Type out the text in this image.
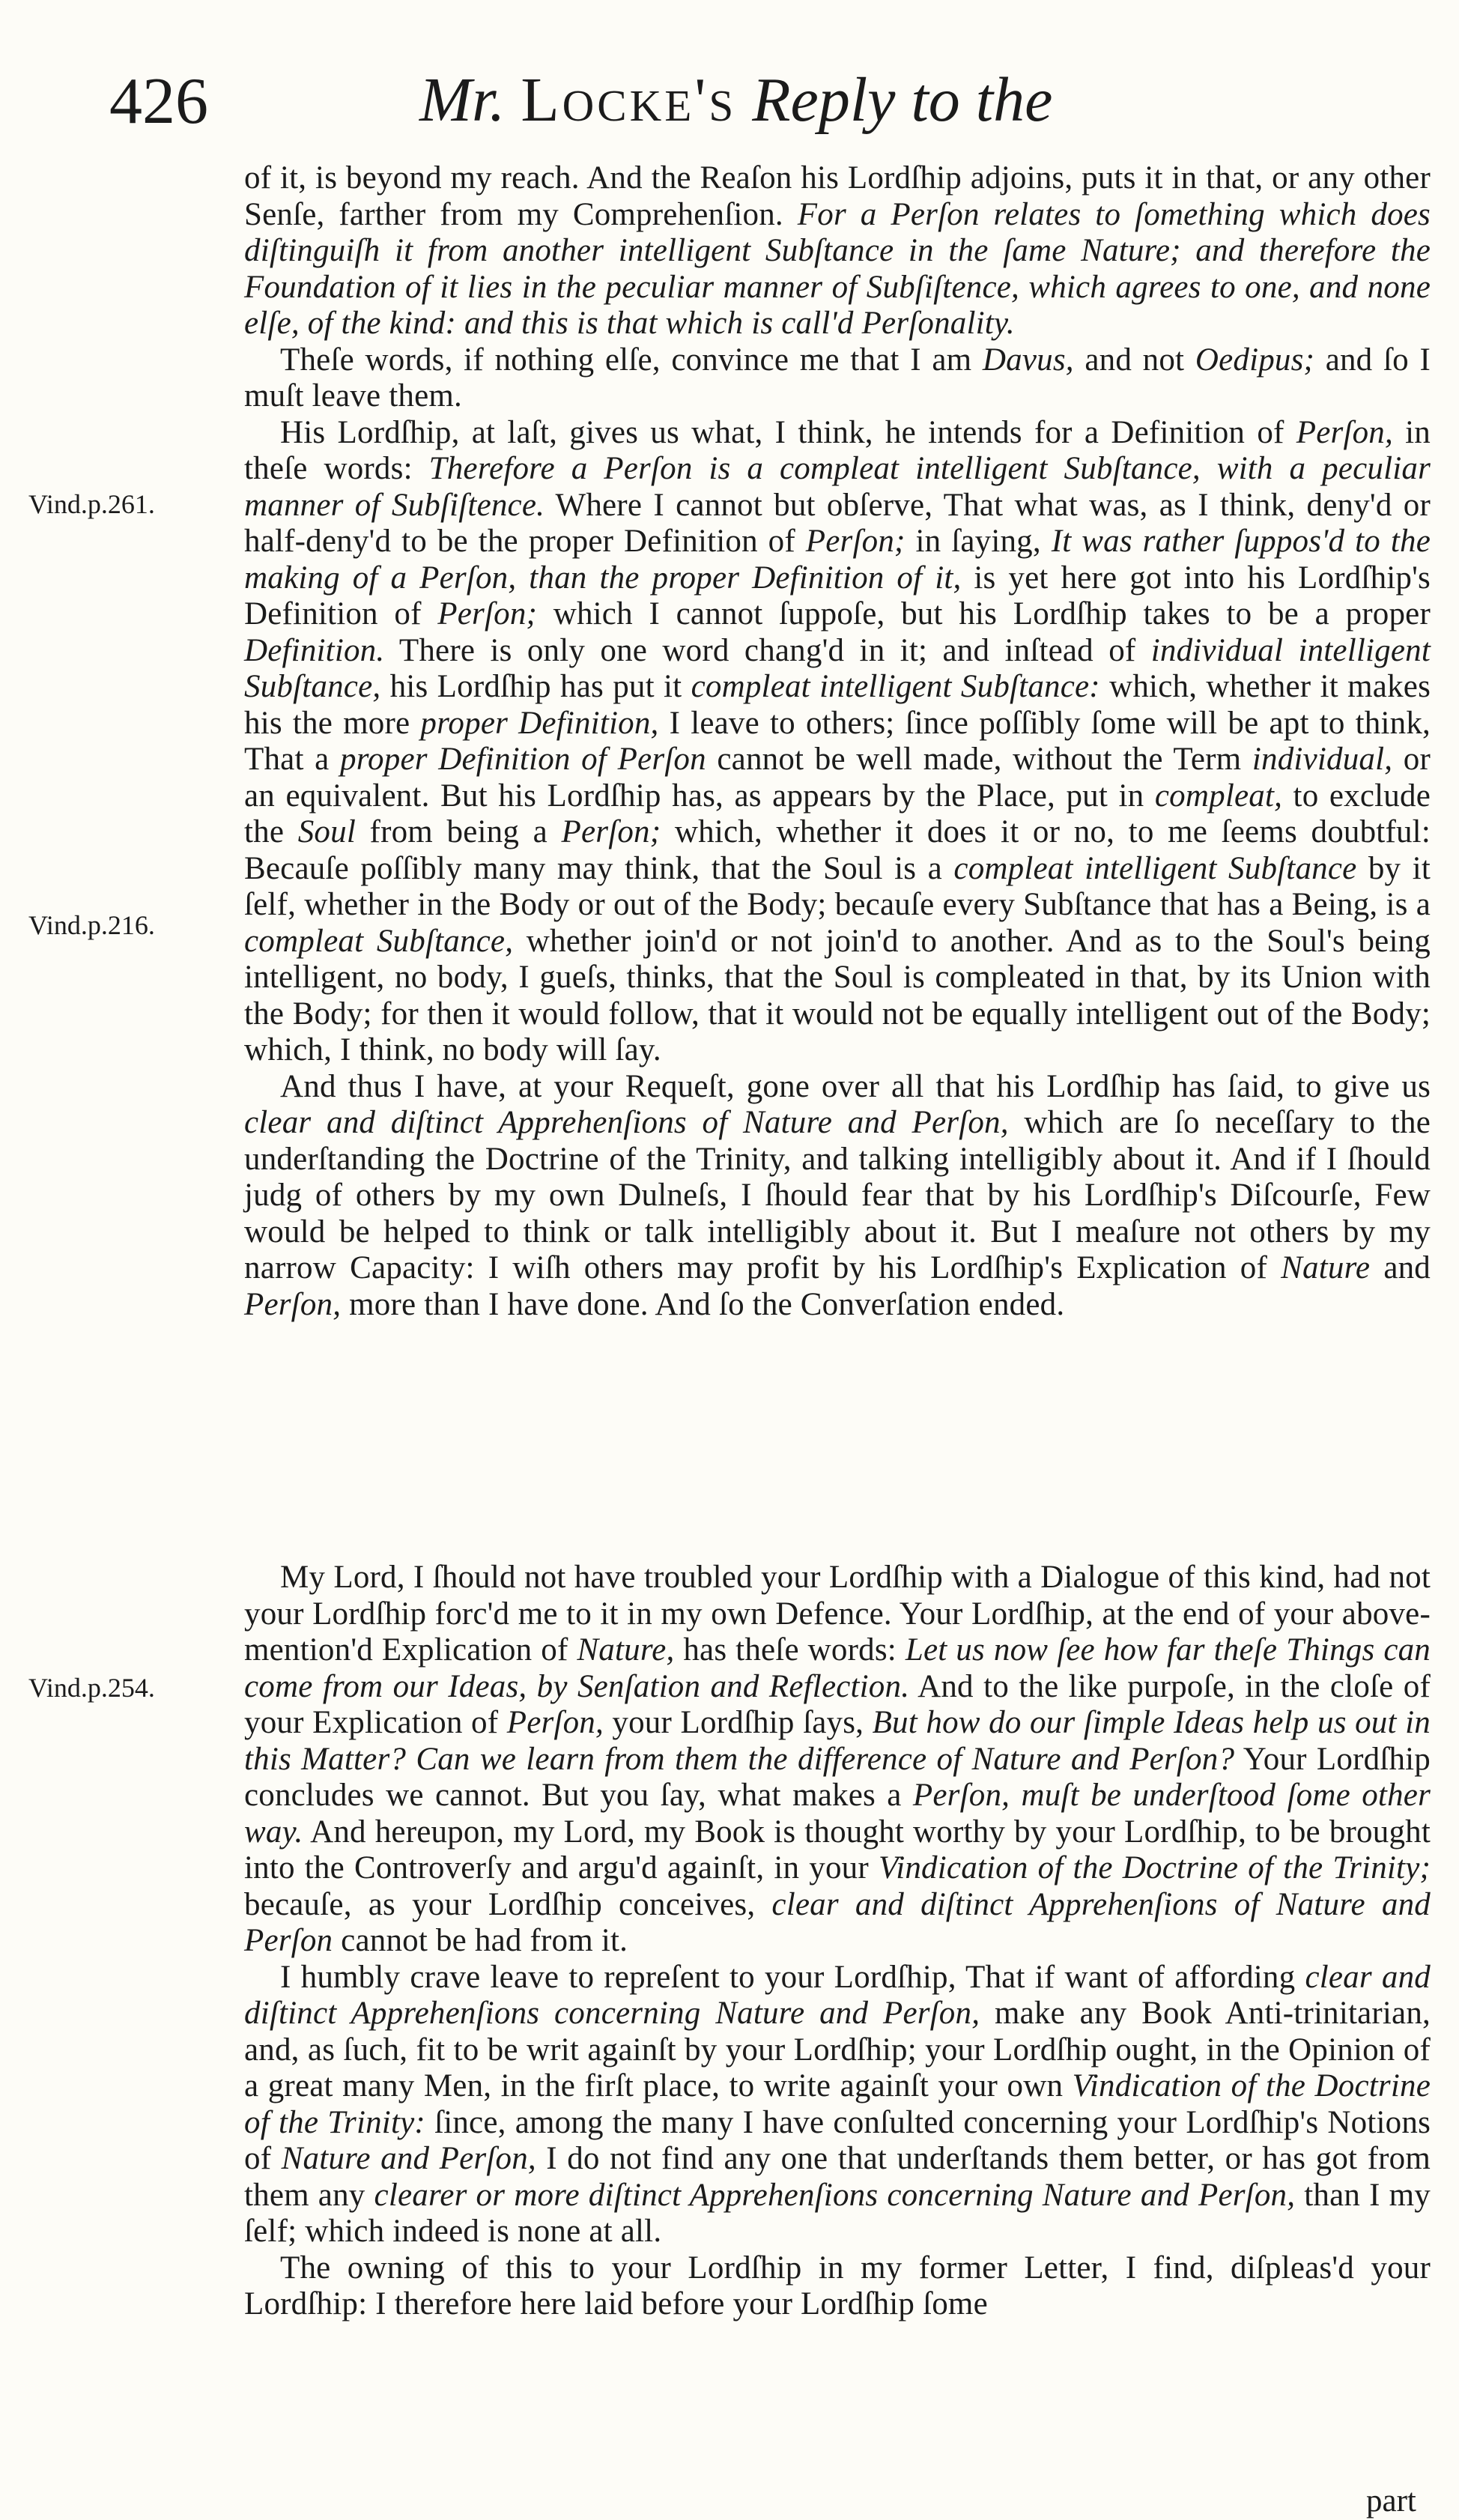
426	Mr. Locke's Reply to the
Vind.p.261.
Vind.p.216.
Vind.p.254.

of it, is beyond my reach. And the Reaſon his Lordſhip adjoins, puts it in that, or any other Senſe, farther from my Comprehenſion. For a Perſon relates to ſomething which does diſtinguiſh it from another intelligent Subſtance in the ſame Nature; and therefore the Foundation of it lies in the peculiar manner of Subſiſtence, which agrees to one, and none elſe, of the kind: and this is that which is call'd Perſonality.

Theſe words, if nothing elſe, convince me that I am Davus, and not Oedipus; and ſo I muſt leave them.

His Lordſhip, at laſt, gives us what, I think, he intends for a Definition of Perſon, in theſe words: Therefore a Perſon is a compleat intelligent Subſtance, with a peculiar manner of Subſiſtence. Where I cannot but obſerve, That what was, as I think, deny'd or half-deny'd to be the proper Definition of Perſon; in ſaying, It was rather ſuppos'd to the making of a Perſon, than the proper Definition of it, is yet here got into his Lordſhip's Definition of Perſon; which I cannot ſuppoſe, but his Lordſhip takes to be a proper Definition. There is only one word chang'd in it; and inſtead of individual intelligent Subſtance, his Lordſhip has put it compleat intelligent Subſtance: which, whether it makes his the more proper Definition, I leave to others; ſince poſſibly ſome will be apt to think, That a proper Definition of Perſon cannot be well made, without the Term individual, or an equivalent. But his Lordſhip has, as appears by the Place, put in compleat, to exclude the Soul from being a Perſon; which, whether it does it or no, to me ſeems doubtful: Becauſe poſſibly many may think, that the Soul is a compleat intelligent Subſtance by it ſelf, whether in the Body or out of the Body; becauſe every Subſtance that has a Being, is a compleat Subſtance, whether join'd or not join'd to another. And as to the Soul's being intelligent, no body, I gueſs, thinks, that the Soul is compleated in that, by its Union with the Body; for then it would follow, that it would not be equally intelligent out of the Body; which, I think, no body will ſay.

And thus I have, at your Requeſt, gone over all that his Lordſhip has ſaid, to give us clear and diſtinct Apprehenſions of Nature and Perſon, which are ſo neceſſary to the underſtanding the Doctrine of the Trinity, and talking intelligibly about it. And if I ſhould judg of others by my own Dulneſs, I ſhould fear that by his Lordſhip's Diſcourſe, Few would be helped to think or talk intelligibly about it. But I meaſure not others by my narrow Capacity: I wiſh others may profit by his Lordſhip's Explication of Nature and Perſon, more than I have done. And ſo the Converſation ended.

My Lord, I ſhould not have troubled your Lordſhip with a Dialogue of this kind, had not your Lordſhip forc'd me to it in my own Defence. Your Lordſhip, at the end of your above-mention'd Explication of Nature, has theſe words: Let us now ſee how far theſe Things can come from our Ideas, by Senſation and Reflection. And to the like purpoſe, in the cloſe of your Explication of Perſon, your Lordſhip ſays, But how do our ſimple Ideas help us out in this Matter? Can we learn from them the difference of Nature and Perſon? Your Lordſhip concludes we cannot. But you ſay, what makes a Perſon, muſt be underſtood ſome other way. And hereupon, my Lord, my Book is thought worthy by your Lordſhip, to be brought into the Controverſy and argu'd againſt, in your Vindication of the Doctrine of the Trinity; becauſe, as your Lordſhip conceives, clear and diſtinct Apprehenſions of Nature and Perſon cannot be had from it.

I humbly crave leave to repreſent to your Lordſhip, That if want of affording clear and diſtinct Apprehenſions concerning Nature and Perſon, make any Book Anti-trinitarian, and, as ſuch, fit to be writ againſt by your Lordſhip; your Lordſhip ought, in the Opinion of a great many Men, in the firſt place, to write againſt your own Vindication of the Doctrine of the Trinity: ſince, among the many I have conſulted concerning your Lordſhip's Notions of Nature and Perſon, I do not find any one that underſtands them better, or has got from them any clearer or more diſtinct Apprehenſions concerning Nature and Perſon, than I my ſelf; which indeed is none at all.

The owning of this to your Lordſhip in my former Letter, I find, diſpleas'd your Lordſhip: I therefore here laid before your Lordſhip ſome

part
